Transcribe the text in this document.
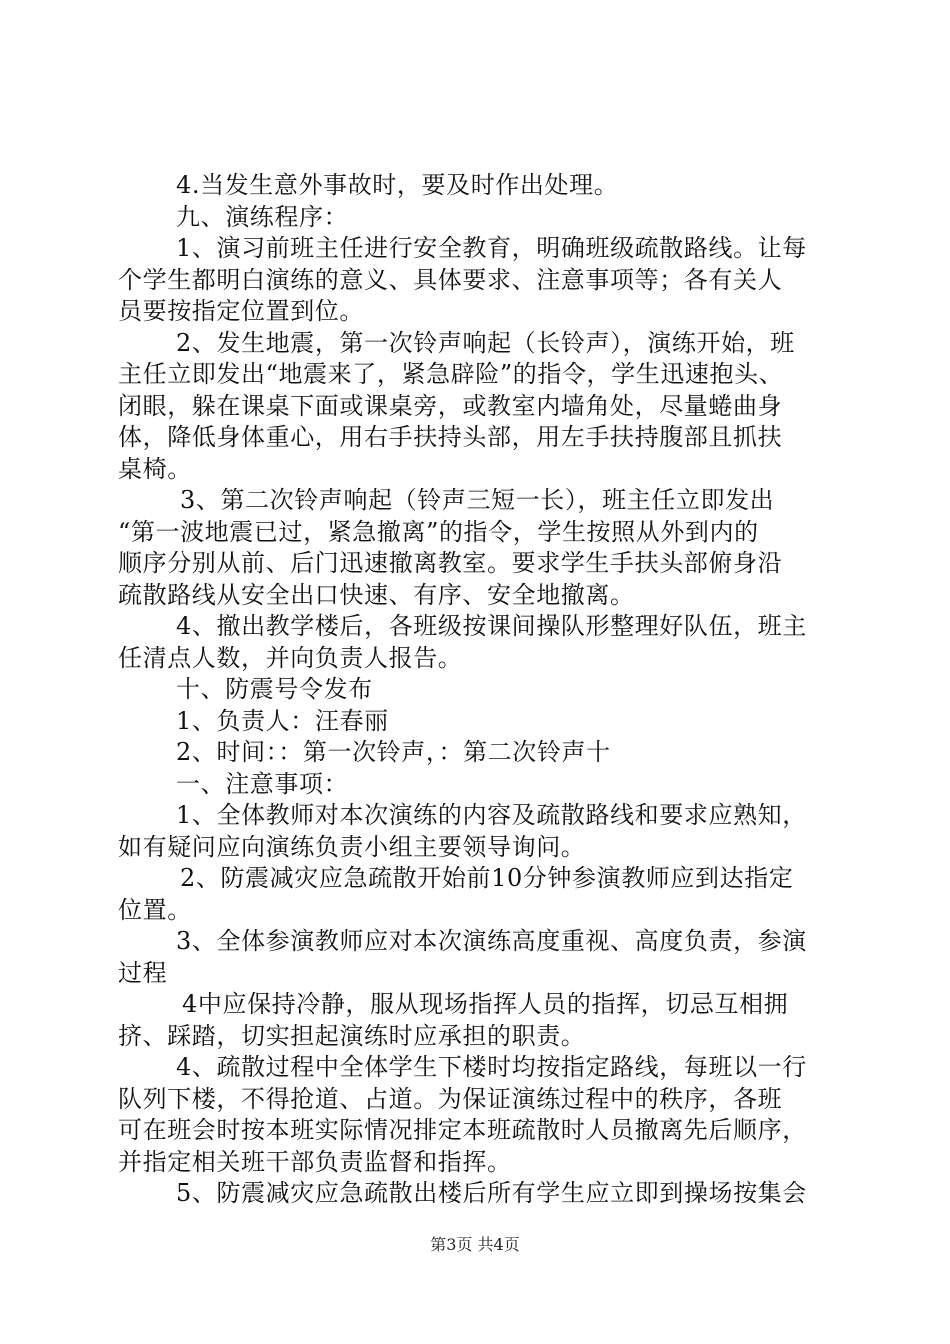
4.当发生意外事故时，要及时作出处理。
九、演练程序：
1、演习前班主任进行安全教育，明确班级疏散路线。让每
个学生都明白演练的意义、具体要求、注意事项等；各有关人
员要按指定位置到位。
2、发生地震，第一次铃声响起（长铃声），演练开始，班
主任立即发出“地震来了，紧急辟险”的指令，学生迅速抱头、
闭眼，躲在课桌下面或课桌旁，或教室内墙角处，尽量蜷曲身
体，降低身体重心，用右手扶持头部，用左手扶持腹部且抓扶
桌椅。
3、第二次铃声响起（铃声三短一长），班主任立即发出
“第一波地震已过，紧急撤离”的指令，学生按照从外到内的
顺序分别从前、后门迅速撤离教室。要求学生手扶头部俯身沿
疏散路线从安全出口快速、有序、安全地撤离。
4、撤出教学楼后，各班级按课间操队形整理好队伍，班主
任清点人数，并向负责人报告。
十、防震号令发布
1、负责人：汪春丽
2、时间：：第一次铃声，：第二次铃声十
一、注意事项：
1、全体教师对本次演练的内容及疏散路线和要求应熟知，
如有疑问应向演练负责小组主要领导询问。
2、防震减灾应急疏散开始前10分钟参演教师应到达指定
位置。
3、全体参演教师应对本次演练高度重视、高度负责，参演
过程
4中应保持冷静，服从现场指挥人员的指挥，切忌互相拥
挤、踩踏，切实担起演练时应承担的职责。
4、疏散过程中全体学生下楼时均按指定路线，每班以一行
队列下楼，不得抢道、占道。为保证演练过程中的秩序，各班
可在班会时按本班实际情况排定本班疏散时人员撤离先后顺序，
并指定相关班干部负责监督和指挥。
5、防震减灾应急疏散出楼后所有学生应立即到操场按集会
第3页 共4页
